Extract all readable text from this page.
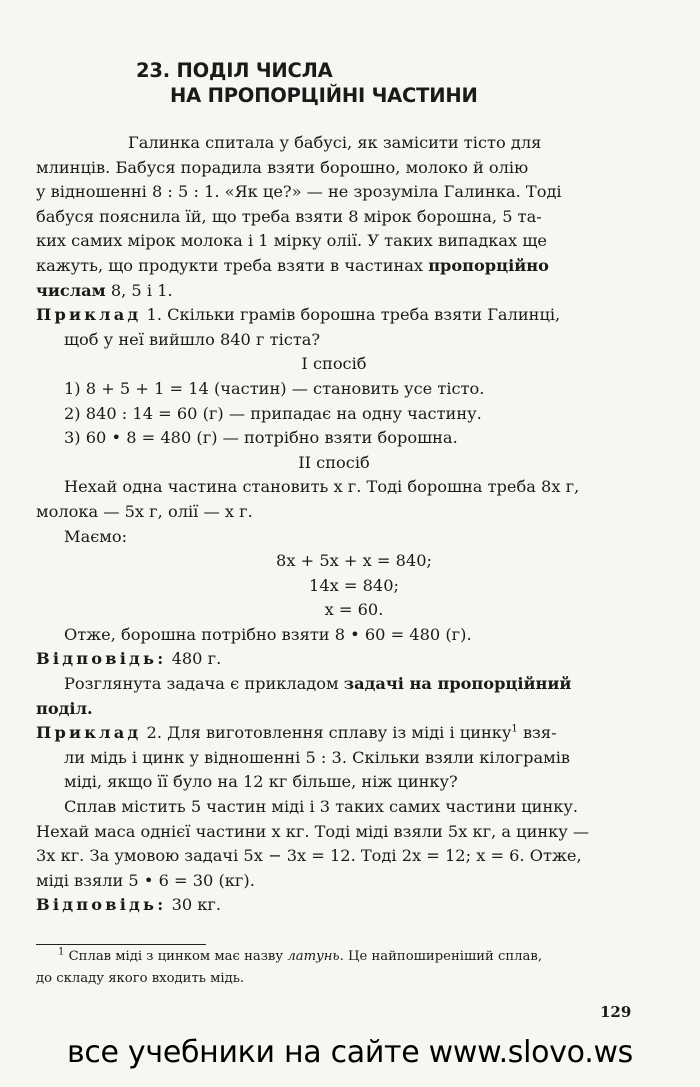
23. ПОДІЛ ЧИСЛА
НА ПРОПОРЦІЙНІ ЧАСТИНИ

Галинка спитала у бабусі, як замісити тісто для

млинців. Бабуся порадила взяти борошно, молоко й олію

у відношенні 8 : 5 : 1. «Як це?» — не зрозуміла Галинка. Тоді

бабуся пояснила їй, що треба взяти 8 мірок борошна, 5 та-

ких самих мірок молока і 1 мірку олії. У таких випадках ще

кажуть, що продукти треба взяти в частинах пропорційно

числам 8, 5 і 1.

Приклад 1. Скільки грамів борошна треба взяти Галинці,

щоб у неї вийшло 840 г тіста?

І спосіб

1) 8 + 5 + 1 = 14 (частин) — становить усе тісто.

2) 840 : 14 = 60 (г) — припадає на одну частину.

3) 60 • 8 = 480 (г) — потрібно взяти борошна.

ІІ спосіб

Нехай одна частина становить x г. Тоді борошна треба 8x г,

молока — 5x г, олії — x г.

Маємо:

8x + 5x + x = 840;

14x = 840;

x = 60.

Отже, борошна потрібно взяти 8 • 60 = 480 (г).

Відповідь: 480 г.

Розглянута задача є прикладом задачі на пропорційний

поділ.

Приклад 2. Для виготовлення сплаву із міді і цинку$^1$ взя-

ли мідь і цинк у відношенні 5 : 3. Скільки взяли кілограмів

міді, якщо її було на 12 кг більше, ніж цинку?

Сплав містить 5 частин міді і 3 таких самих частини цинку.

Нехай маса однієї частини x кг. Тоді міді взяли 5x кг, а цинку —

3x кг. За умовою задачі 5x − 3x = 12. Тоді 2x = 12; x = 6. Отже,

міді взяли 5 • 6 = 30 (кг).

Відповідь: 30 кг.

$^1$ Сплав міді з цинком має назву латунь. Це найпоширеніший сплав,
до складу якого входить мідь.
129
все учебники на сайте www.slovo.ws
